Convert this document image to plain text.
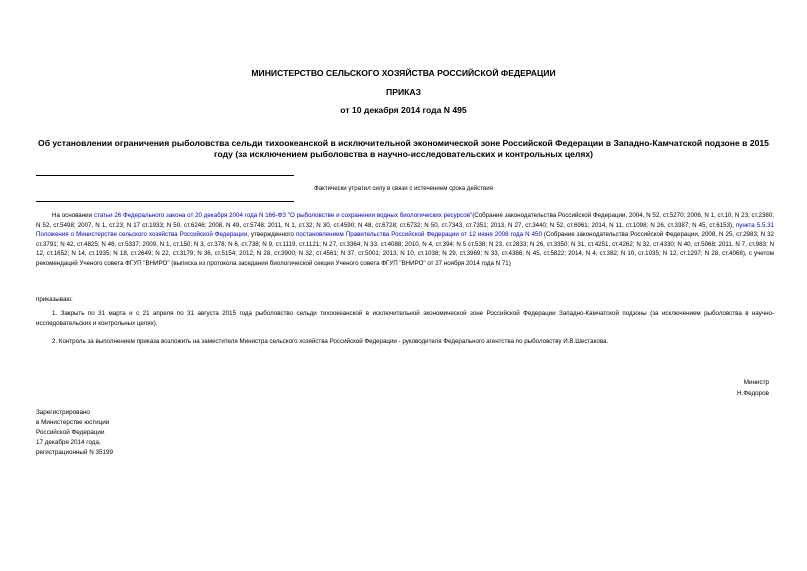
МИНИСТЕРСТВО СЕЛЬСКОГО ХОЗЯЙСТВА РОССИЙСКОЙ ФЕДЕРАЦИИ
ПРИКАЗ
от 10 декабря 2014 года N 495
Об установлении ограничения рыболовства сельди тихоокеанской в исключительной экономической зоне Российской Федерации в Западно-Камчатской подзоне в 2015 году (за исключением рыболовства в научно-исследовательских и контрольных целях)
Фактически утратил силу в связи с истечением срока действия
На основании статьи 26 Федерального закона от 20 декабря 2004 года N 166-ФЗ "О рыболовстве и сохранении водных биологических ресурсов"(Собрание законодательства Российской Федерации, 2004, N 52, ст.5270; 2006, N 1, ст.10; N 23, ст.2380; N 52, ст.5498; 2007, N 1, ст.23; N 17 ст.1933; N 50, ст.6246; 2008, N 49, ст.5748; 2011, N 1, ст.32; N 30, ст.4590; N 48, ст.6728; ст.6732; N 50, ст.7343, ст.7351; 2013, N 27, ст.3440; N 52, ст.6961; 2014, N 11, ст.1098; N 26, ст.3387; N 45, ст.6153), пункта 5.5.31 Положения о Министерстве сельского хозяйства Российской Федерации, утвержденного постановлением Правительства Российской Федерации от 12 июня 2008 года N 450 (Собрание законодательства Российской Федерации, 2008, N 25, ст.2983; N 32 ст.3791; N 42, ст.4825; N 46, ст.5337; 2009, N 1, ст.150; N 3, ст.378; N 6, ст.738; N 9, ст.1119, ст.1121; N 27, ст.3364; N 33, ст.4088; 2010, N 4, ст.394; N 5 ст.538; N 23, ст.2833; N 26, ст.3350; N 31, ст.4251, ст.4262; N 32, ст.4330; N 40, ст.5068; 2011, N 7, ст.983; N 12, ст.1652; N 14, ст.1935; N 18, ст.2649; N 22, ст.3179; N 36, ст.5154; 2012, N 28, ст.3900; N 32, ст.4561; N 37, ст.5001; 2013, N 10, ст.1038; N 29, ст.3969; N 33, ст.4386; N 45, ст.5822; 2014, N 4, ст.382; N 10, ст.1035; N 12, ст.1297; N 28, ст.4068), с учетом рекомендаций Ученого совета ФГУП "ВНИРО" (выписка из протокола заседания биологической секции Ученого совета ФГУП "ВНИРО" от 27 ноября 2014 года N 71)
приказываю:
1. Закрыть по 31 марта и с 21 апреля по 31 августа 2015 года рыболовство сельди тихоокеанской в исключительной экономической зоне Российской Федерации Западно-Камчатской подзоны (за исключением рыболовства в научно-исследовательских и контрольных целях).
2. Контроль за выполнением приказа возложить на заместителя Министра сельского хозяйства Российской Федерации - руководителя Федерального агентства по рыболовству И.В.Шестакова.
Министр
Н.Федоров
Зарегистрировано
в Министерстве юстиции
Российской Федерации
17 декабря 2014 года,
регистрационный N 35199
